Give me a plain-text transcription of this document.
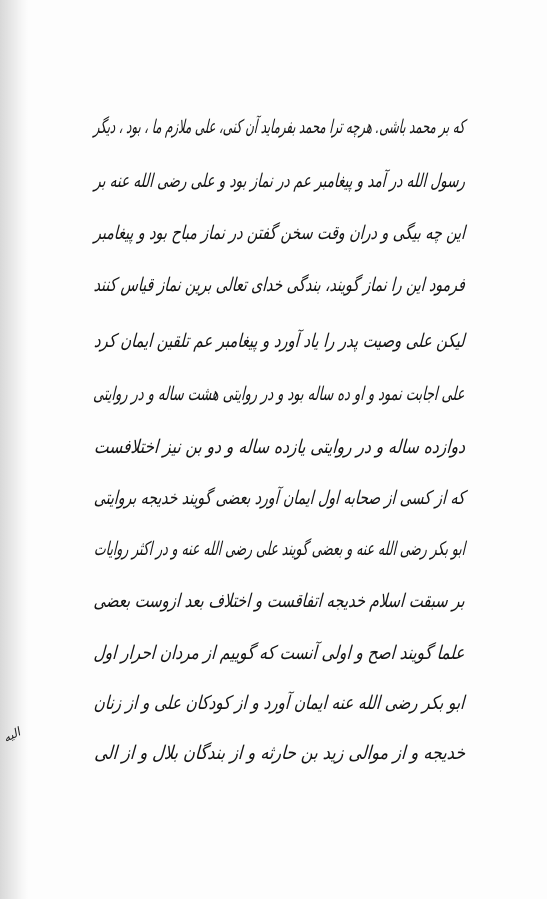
که بر محمد باشی. هرچه ترا محمد بفرماید آن کنی، علی ملازم ما ، بود ، دیگر
رسول الله در آمد و پیغامبر عم در نماز بود و علی رضی الله عنه بر
این چه بیگی و دران وقت سخن گفتن در نماز مباح بود و پیغامبر
فرمود این را نماز گویند، بندگی خدای تعالی برین نماز قیاس کنند
لیکن علی وصیت پدر را یاد آورد و پیغامبر عم تلقین ایمان کرد
علی اجابت نمود و او ده ساله بود و در روایتی هشت ساله و در روایتی
دوازده ساله و در روایتی یازده ساله و دو بن نیز اختلافست
که از کسی از صحابه اول ایمان آورد بعضی گویند خدیجه بروایتی
ابو بکر رضی الله عنه و بعضی گویند علی رضی الله عنه و در اکثر روایات
بر سبقت اسلام خدیجه اتفاقست و اختلاف بعد ازوست بعضی
علما گویند اصح و اولی آنست که گوییم از مردان احرار اول
ابو بکر رضی الله عنه ایمان آورد و از کودکان علی و از زنان
خدیجه و از موالی زید بن حارثه و از بندگان بلال و از الی
الیه
